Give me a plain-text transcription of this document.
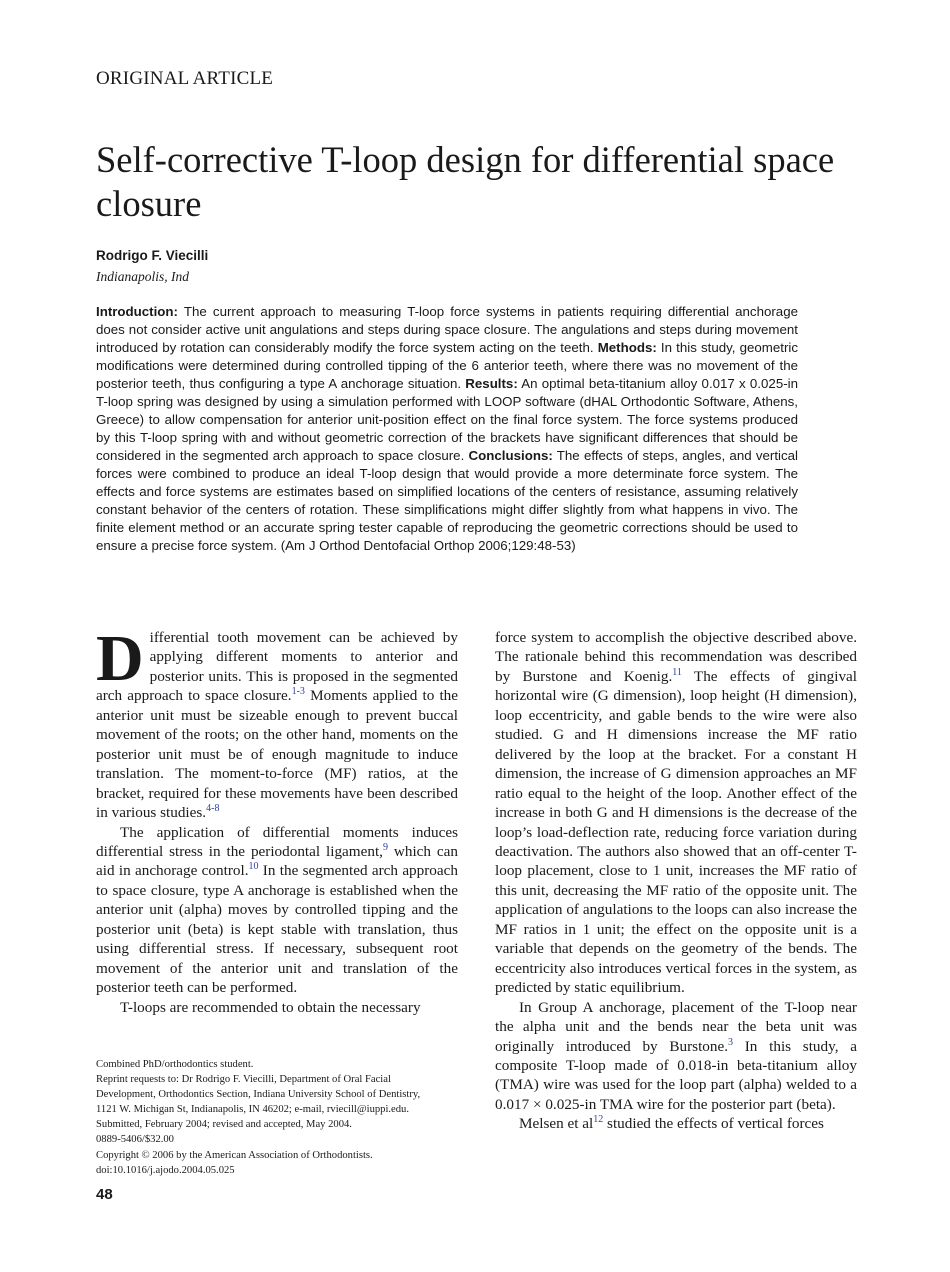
ORIGINAL ARTICLE
Self-corrective T-loop design for differential space closure
Rodrigo F. Viecilli
Indianapolis, Ind

Introduction: The current approach to measuring T-loop force systems in patients requiring differential anchorage does not consider active unit angulations and steps during space closure. The angulations and steps during movement introduced by rotation can considerably modify the force system acting on the teeth. Methods: In this study, geometric modifications were determined during controlled tipping of the 6 anterior teeth, where there was no movement of the posterior teeth, thus configuring a type A anchorage situation. Results: An optimal beta-titanium alloy 0.017 x 0.025-in T-loop spring was designed by using a simulation performed with LOOP software (dHAL Orthodontic Software, Athens, Greece) to allow compensation for anterior unit-position effect on the final force system. The force systems produced by this T-loop spring with and without geometric correction of the brackets have significant differences that should be considered in the segmented arch approach to space closure. Conclusions: The effects of steps, angles, and vertical forces were combined to produce an ideal T-loop design that would provide a more determinate force system. The effects and force systems are estimates based on simplified locations of the centers of resistance, assuming relatively constant behavior of the centers of rotation. These simplifications might differ slightly from what happens in vivo. The finite element method or an accurate spring tester capable of reproducing the geometric corrections should be used to ensure a precise force system. (Am J Orthod Dentofacial Orthop 2006;129:48-53)

Differential tooth movement can be achieved by applying different moments to anterior and posterior units. This is proposed in the segmented arch approach to space closure.$^{1-3}$ Moments applied to the anterior unit must be sizeable enough to prevent buccal movement of the roots; on the other hand, moments on the posterior unit must be of enough magnitude to induce translation. The moment-to-force (MF) ratios, at the bracket, required for these movements have been described in various studies.$^{4-8}$

The application of differential moments induces differential stress in the periodontal ligament,$^9$ which can aid in anchorage control.$^{10}$ In the segmented arch approach to space closure, type A anchorage is established when the anterior unit (alpha) moves by controlled tipping and the posterior unit (beta) is kept stable with translation, thus using differential stress. If necessary, subsequent root movement of the anterior unit and translation of the posterior teeth can be performed.

T-loops are recommended to obtain the necessary

force system to accomplish the objective described above. The rationale behind this recommendation was described by Burstone and Koenig.$^{11}$ The effects of gingival horizontal wire (G dimension), loop height (H dimension), loop eccentricity, and gable bends to the wire were also studied. G and H dimensions increase the MF ratio delivered by the loop at the bracket. For a constant H dimension, the increase of G dimension approaches an MF ratio equal to the height of the loop. Another effect of the increase in both G and H dimensions is the decrease of the loop’s load-deflection rate, reducing force variation during deactivation. The authors also showed that an off-center T-loop placement, close to 1 unit, increases the MF ratio of this unit, decreasing the MF ratio of the opposite unit. The application of angulations to the loops can also increase the MF ratios in 1 unit; the effect on the opposite unit is a variable that depends on the geometry of the bends. The eccentricity also introduces vertical forces in the system, as predicted by static equilibrium.

In Group A anchorage, placement of the T-loop near the alpha unit and the bends near the beta unit was originally introduced by Burstone.$^3$ In this study, a composite T-loop made of 0.018-in beta-titanium alloy (TMA) wire was used for the loop part (alpha) welded to a 0.017 × 0.025-in TMA wire for the posterior part (beta).

Melsen et $al^{12}$ studied the effects of vertical forces

Combined PhD/orthodontics student.
Reprint requests to: Dr Rodrigo F. Viecilli, Department of Oral Facial
Development, Orthodontics Section, Indiana University School of Dentistry,
1121 W. Michigan St, Indianapolis, IN 46202; e-mail, rviecill@iuppi.edu.
Submitted, February 2004; revised and accepted, May 2004.
0889-5406/$32.00
Copyright © 2006 by the American Association of Orthodontists.
doi:10.1016/j.ajodo.2004.05.025
48
